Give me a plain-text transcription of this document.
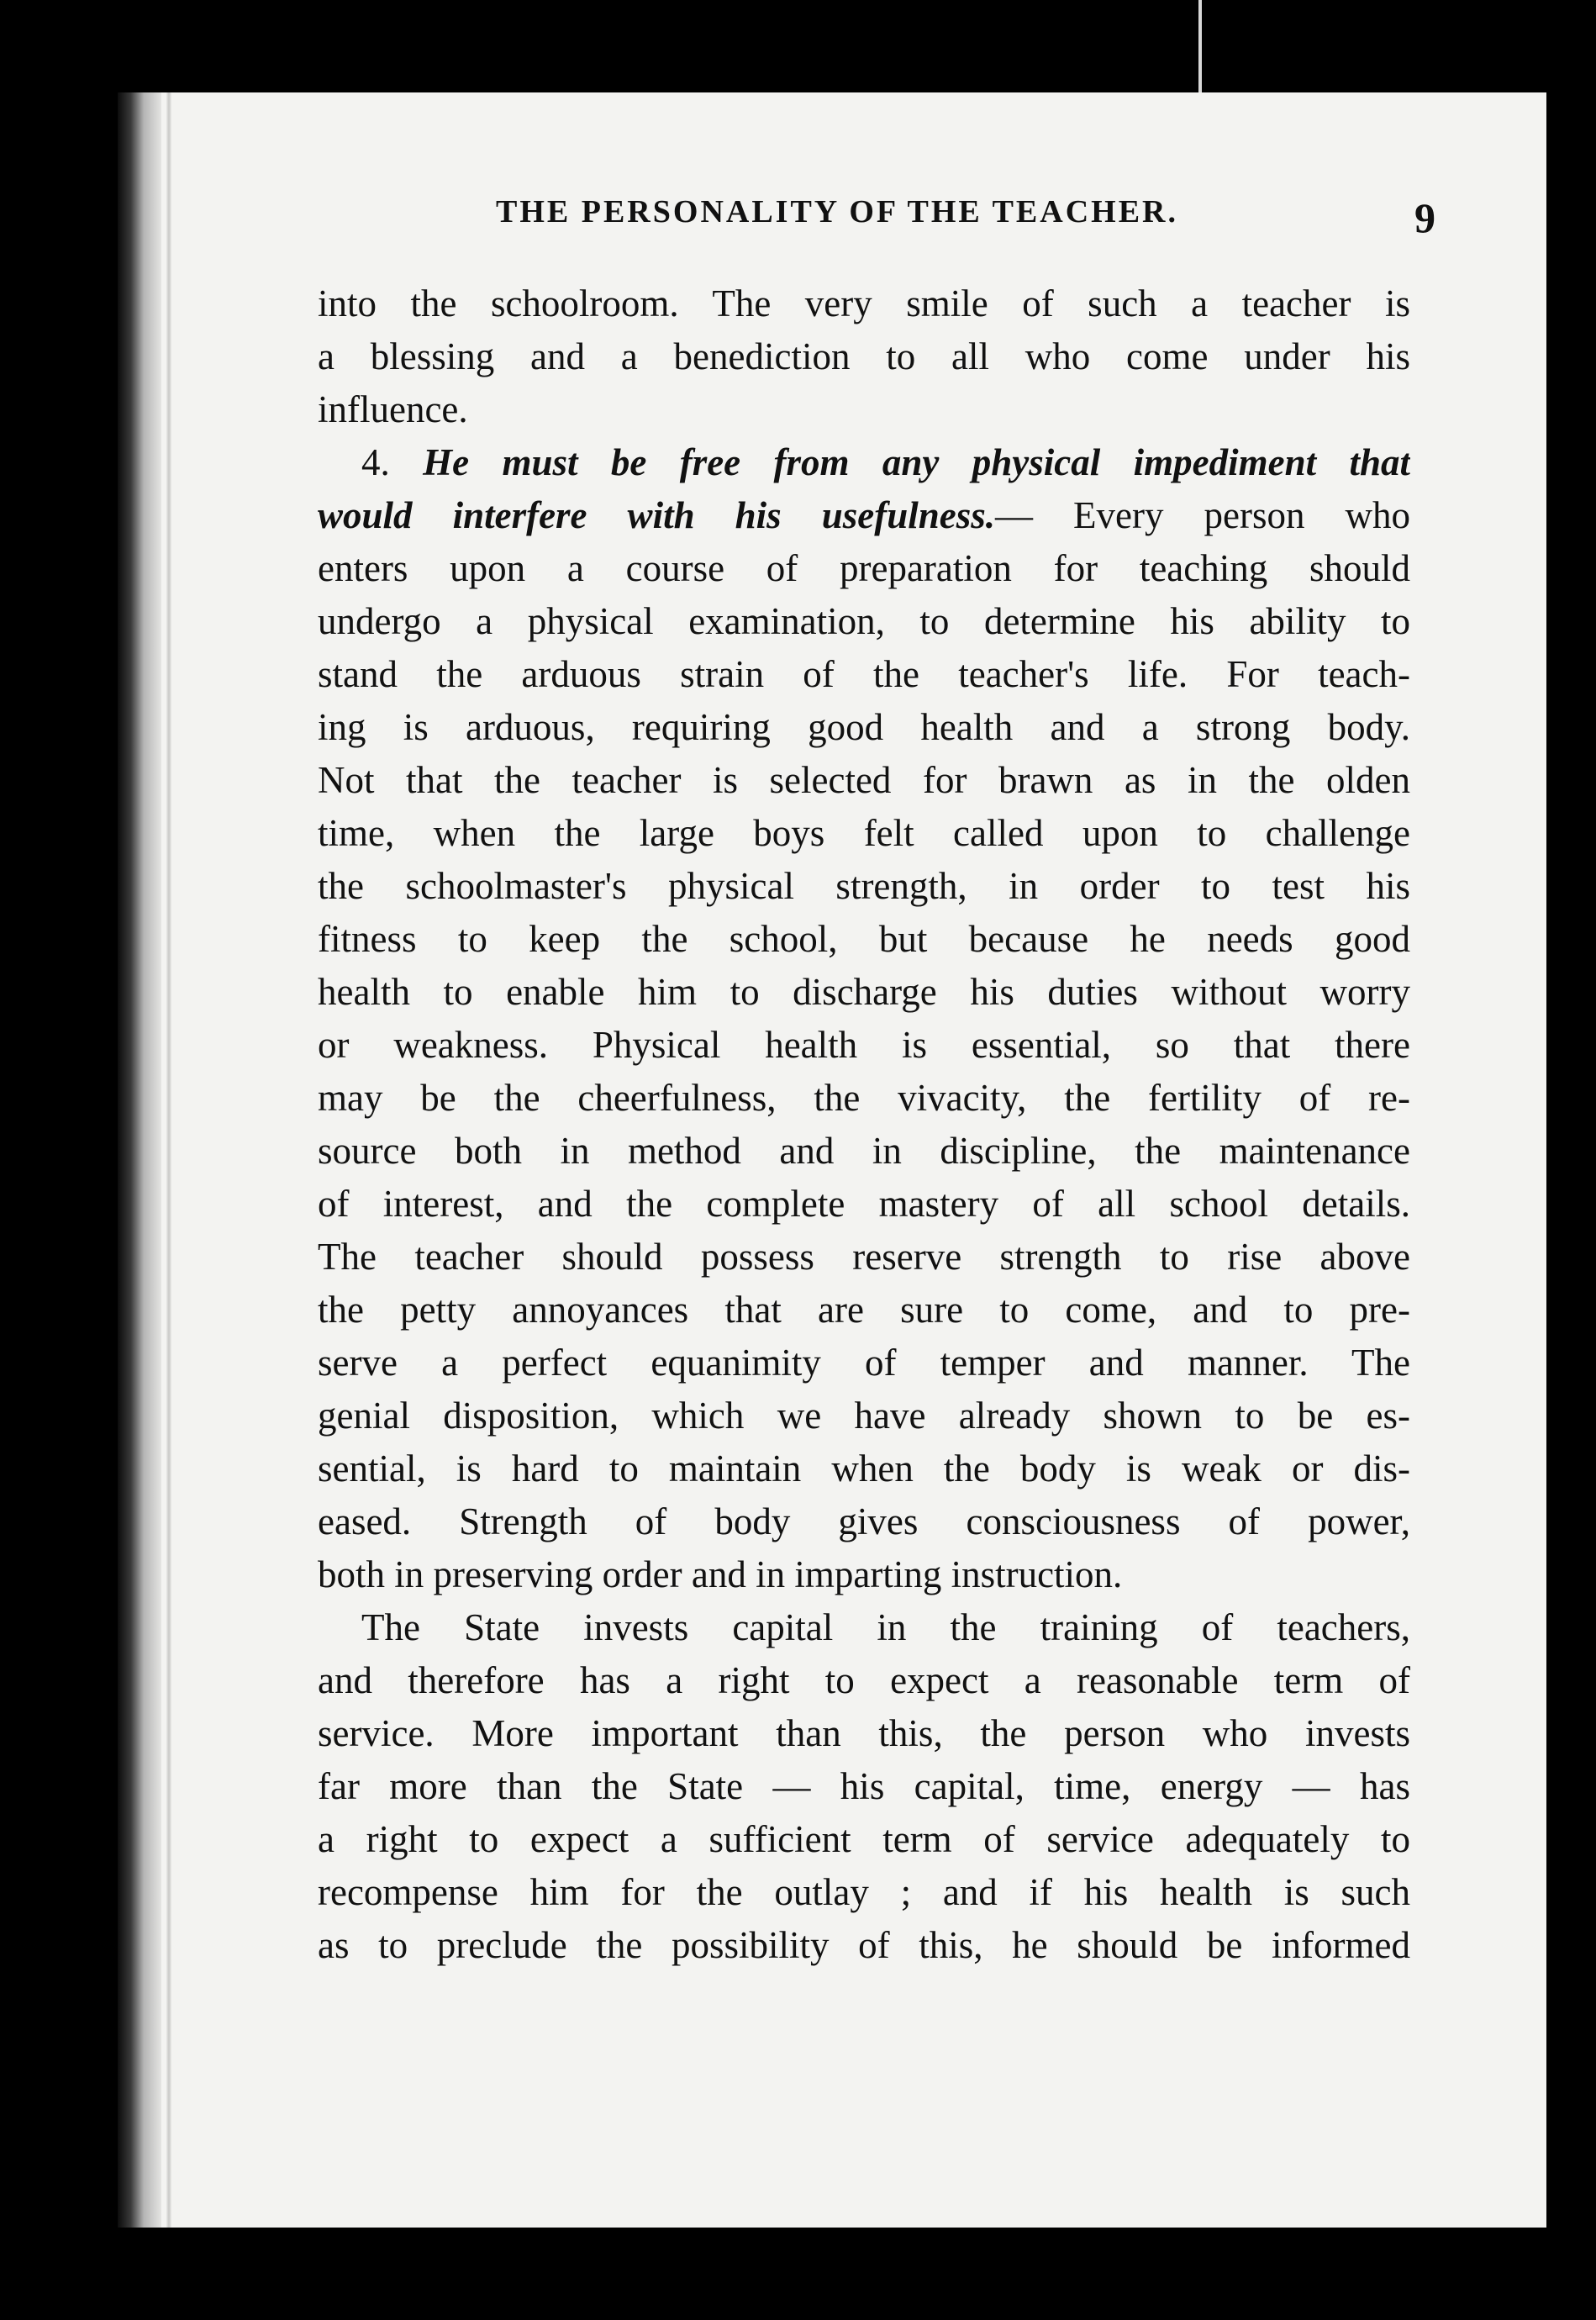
THE PERSONALITY OF THE TEACHER.	9
into the schoolroom. The very smile of such a teacher is
a blessing and a benediction to all who come under his
influence.
4. He must be free from any physical impediment that
would interfere with his usefulness.— Every person who
enters upon a course of preparation for teaching should
undergo a physical examination, to determine his ability to
stand the arduous strain of the teacher's life. For teach-
ing is arduous, requiring good health and a strong body.
Not that the teacher is selected for brawn as in the olden
time, when the large boys felt called upon to challenge
the schoolmaster's physical strength, in order to test his
fitness to keep the school, but because he needs good
health to enable him to discharge his duties without worry
or weakness. Physical health is essential, so that there
may be the cheerfulness, the vivacity, the fertility of re-
source both in method and in discipline, the maintenance
of interest, and the complete mastery of all school details.
The teacher should possess reserve strength to rise above
the petty annoyances that are sure to come, and to pre-
serve a perfect equanimity of temper and manner. The
genial disposition, which we have already shown to be es-
sential, is hard to maintain when the body is weak or dis-
eased. Strength of body gives consciousness of power,
both in preserving order and in imparting instruction.
The State invests capital in the training of teachers,
and therefore has a right to expect a reasonable term of
service. More important than this, the person who invests
far more than the State — his capital, time, energy — has
a right to expect a sufficient term of service adequately to
recompense him for the outlay ; and if his health is such
as to preclude the possibility of this, he should be informed
